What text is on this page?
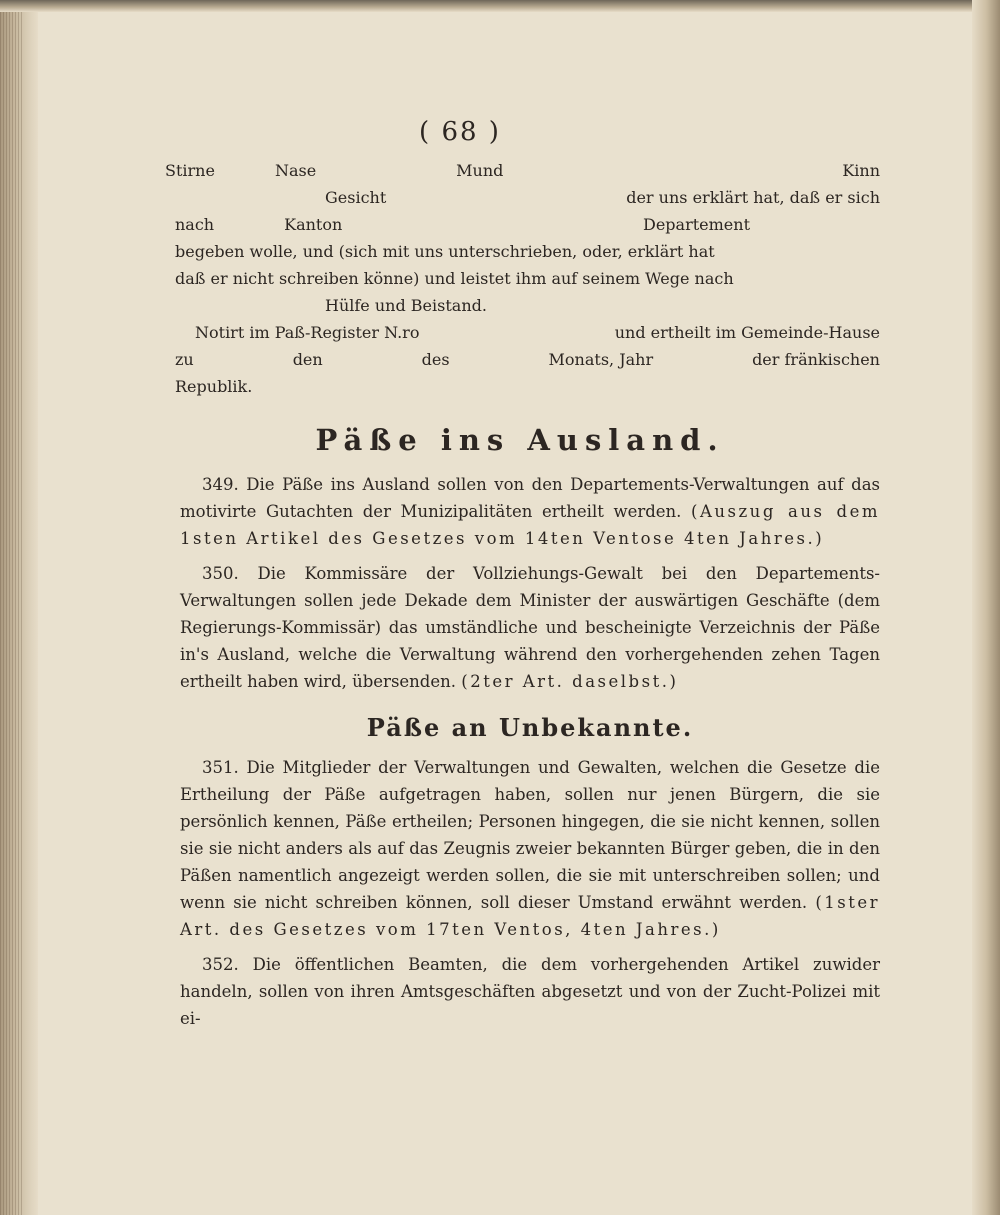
( 68 )
Stirne	Nase	Mund	Kinn
Gesicht	der uns erklärt hat, daß er sich
nach	Kanton	Departement
begeben wolle, und (sich mit uns unterschrieben, oder, erklärt hat
daß er nicht schreiben könne) und leistet ihm auf seinem Wege nach
Hülfe und Beistand.
Notirt im Paß-Register N.ro	und ertheilt im Gemeinde-Hause
zu	den	des	Monats, Jahr	der fränkischen
Republik.
Päße ins Ausland.

349. Die Päße ins Ausland sollen von den Departements-Verwaltungen auf das motivirte Gutachten der Munizipalitäten ertheilt werden. (Auszug aus dem 1sten Artikel des Gesetzes vom 14ten Ventose 4ten Jahres.)

350. Die Kommissäre der Vollziehungs-Gewalt bei den Departements-Verwaltungen sollen jede Dekade dem Minister der auswärtigen Geschäfte (dem Regierungs-Kommissär) das umständliche und bescheinigte Verzeichnis der Päße in's Ausland, welche die Verwaltung während den vorhergehenden zehen Tagen ertheilt haben wird, übersenden. (2ter Art. daselbst.)

Päße an Unbekannte.

351. Die Mitglieder der Verwaltungen und Gewalten, welchen die Gesetze die Ertheilung der Päße aufgetragen haben, sollen nur jenen Bürgern, die sie persönlich kennen, Päße ertheilen; Personen hingegen, die sie nicht kennen, sollen sie sie nicht anders als auf das Zeugnis zweier bekannten Bürger geben, die in den Päßen namentlich angezeigt werden sollen, die sie mit unterschreiben sollen; und wenn sie nicht schreiben können, soll dieser Umstand erwähnt werden. (1ster Art. des Gesetzes vom 17ten Ventos, 4ten Jahres.)

352. Die öffentlichen Beamten, die dem vorhergehenden Artikel zuwider handeln, sollen von ihren Amtsgeschäften abgesetzt und von der Zucht-Polizei mit ei-
